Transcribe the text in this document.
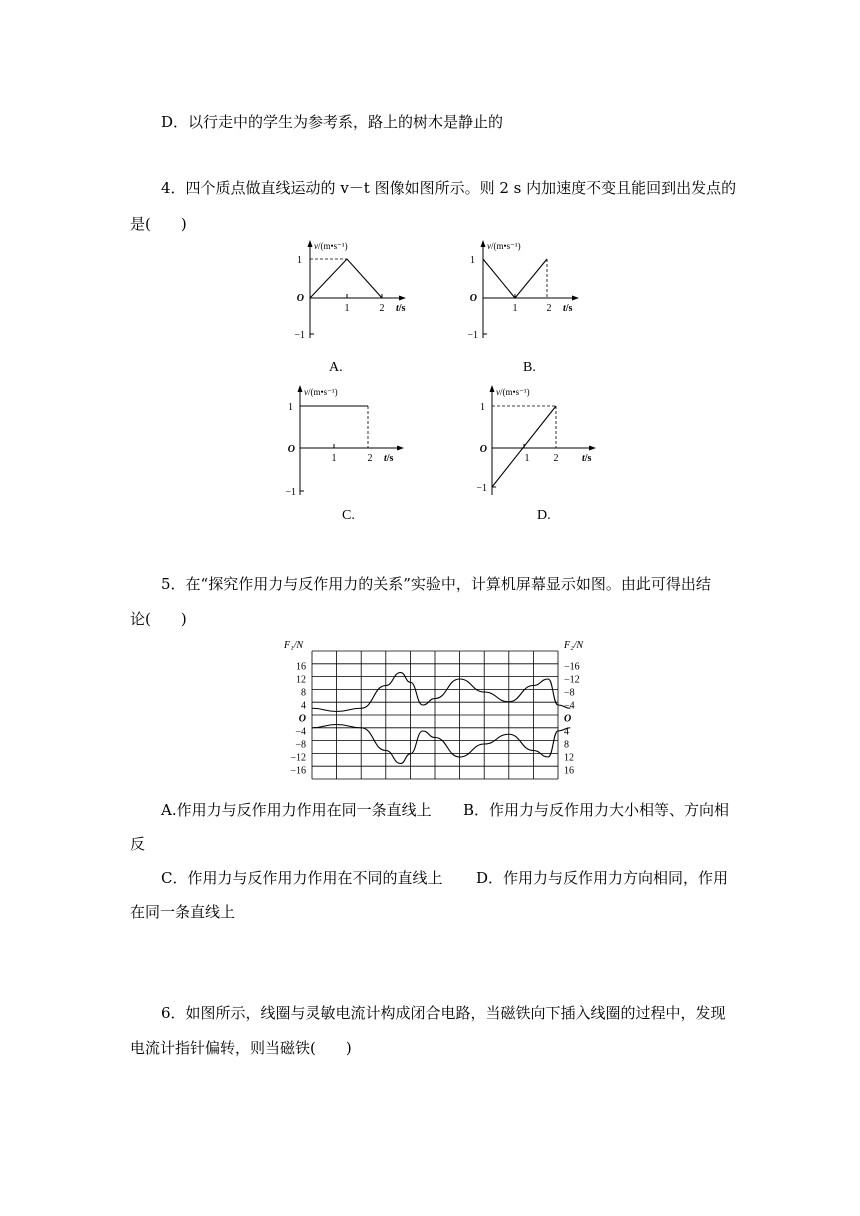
D．以行走中的学生为参考系，路上的树木是静止的
4．四个质点做直线运动的 v－t 图像如图所示。则 2 s 内加速度不变且能回到出发点的
是(　　)
v/(m•s⁻¹)
1
O
1	2 t/s
−1
A.
v/(m•s⁻¹)
1
O
1	2 t/s
−1
B.
v/(m•s⁻¹)
1
O
1	2 t/s
−1
C.
v/(m•s⁻¹)
1
O
1 2 t/s
−1
D.
5．在“探究作用力与反作用力的关系”实验中，计算机屏幕显示如图。由此可得出结
论(　　)
F₁/N	F₂/N
16
12
8
4
O
−4
−8
−12
−16
−16
−12
−8
−4
O
4
8
12
16
A.作用力与反作用力作用在同一条直线上 B．作用力与反作用力大小相等、方向相
反
C．作用力与反作用力作用在不同的直线上 D．作用力与反作用力方向相同，作用
在同一条直线上
6．如图所示，线圈与灵敏电流计构成闭合电路，当磁铁向下插入线圈的过程中，发现
电流计指针偏转，则当磁铁(　　)
